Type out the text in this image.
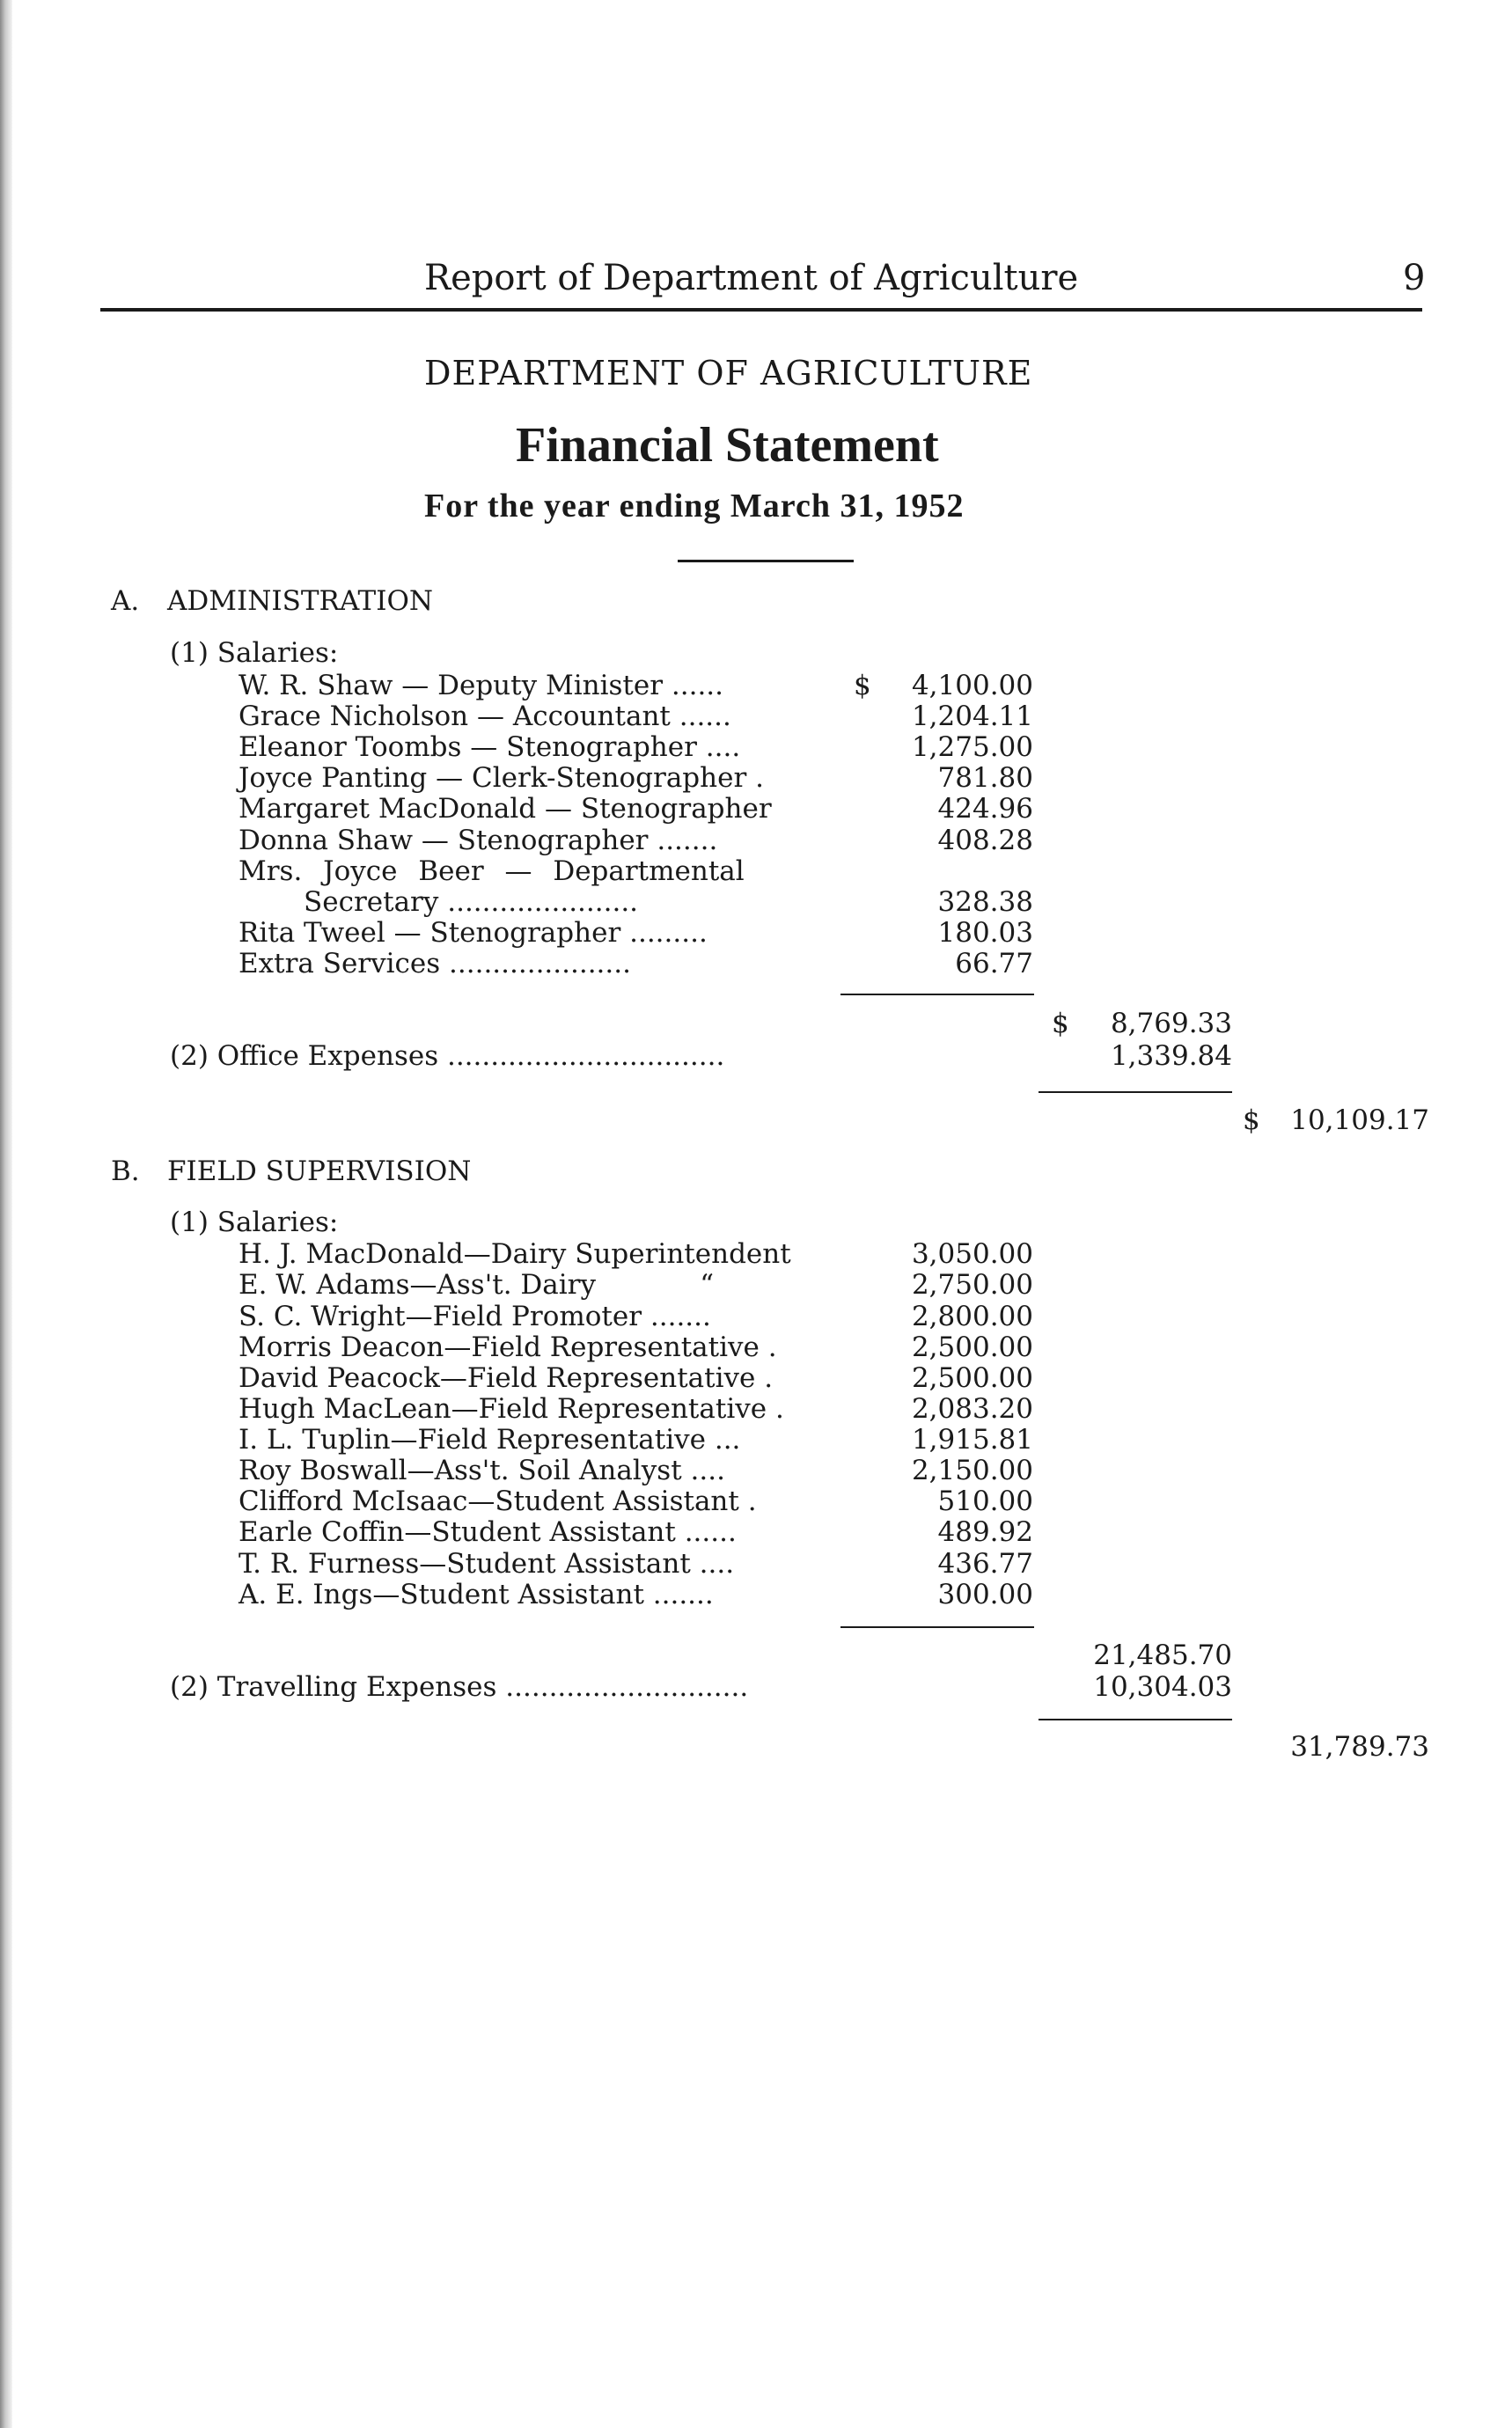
Report of Department of Agriculture	9
DEPARTMENT OF AGRICULTURE
Financial Statement
For the year ending March 31, 1952
A. ADMINISTRATION
(1) Salaries:
W. R. Shaw — Deputy Minister ......	$ 4,100.00
Grace Nicholson — Accountant ......	1,204.11
Eleanor Toombs — Stenographer ....	1,275.00
Joyce Panting — Clerk-Stenographer .	781.80
Margaret MacDonald — Stenographer	424.96
Donna Shaw — Stenographer .......	408.28
Mrs. Joyce Beer — Departmental
Secretary ......................	328.38
Rita Tweel — Stenographer .........	180.03
Extra Services .....................	66.77
$ 8,769.33
(2) Office Expenses ................................	1,339.84
$ 10,109.17
B. FIELD SUPERVISION
(1) Salaries:
H. J. MacDonald—Dairy Superintendent	3,050.00
E. W. Adams—Ass't. Dairy            “	2,750.00
S. C. Wright—Field Promoter .......	2,800.00
Morris Deacon—Field Representative .	2,500.00
David Peacock—Field Representative .	2,500.00
Hugh MacLean—Field Representative .	2,083.20
I. L. Tuplin—Field Representative ...	1,915.81
Roy Boswall—Ass't. Soil Analyst ....	2,150.00
Clifford McIsaac—Student Assistant .	510.00
Earle Coffin—Student Assistant ......	489.92
T. R. Furness—Student Assistant ....	436.77
A. E. Ings—Student Assistant .......	300.00
21,485.70
(2) Travelling Expenses ............................	10,304.03
31,789.73
